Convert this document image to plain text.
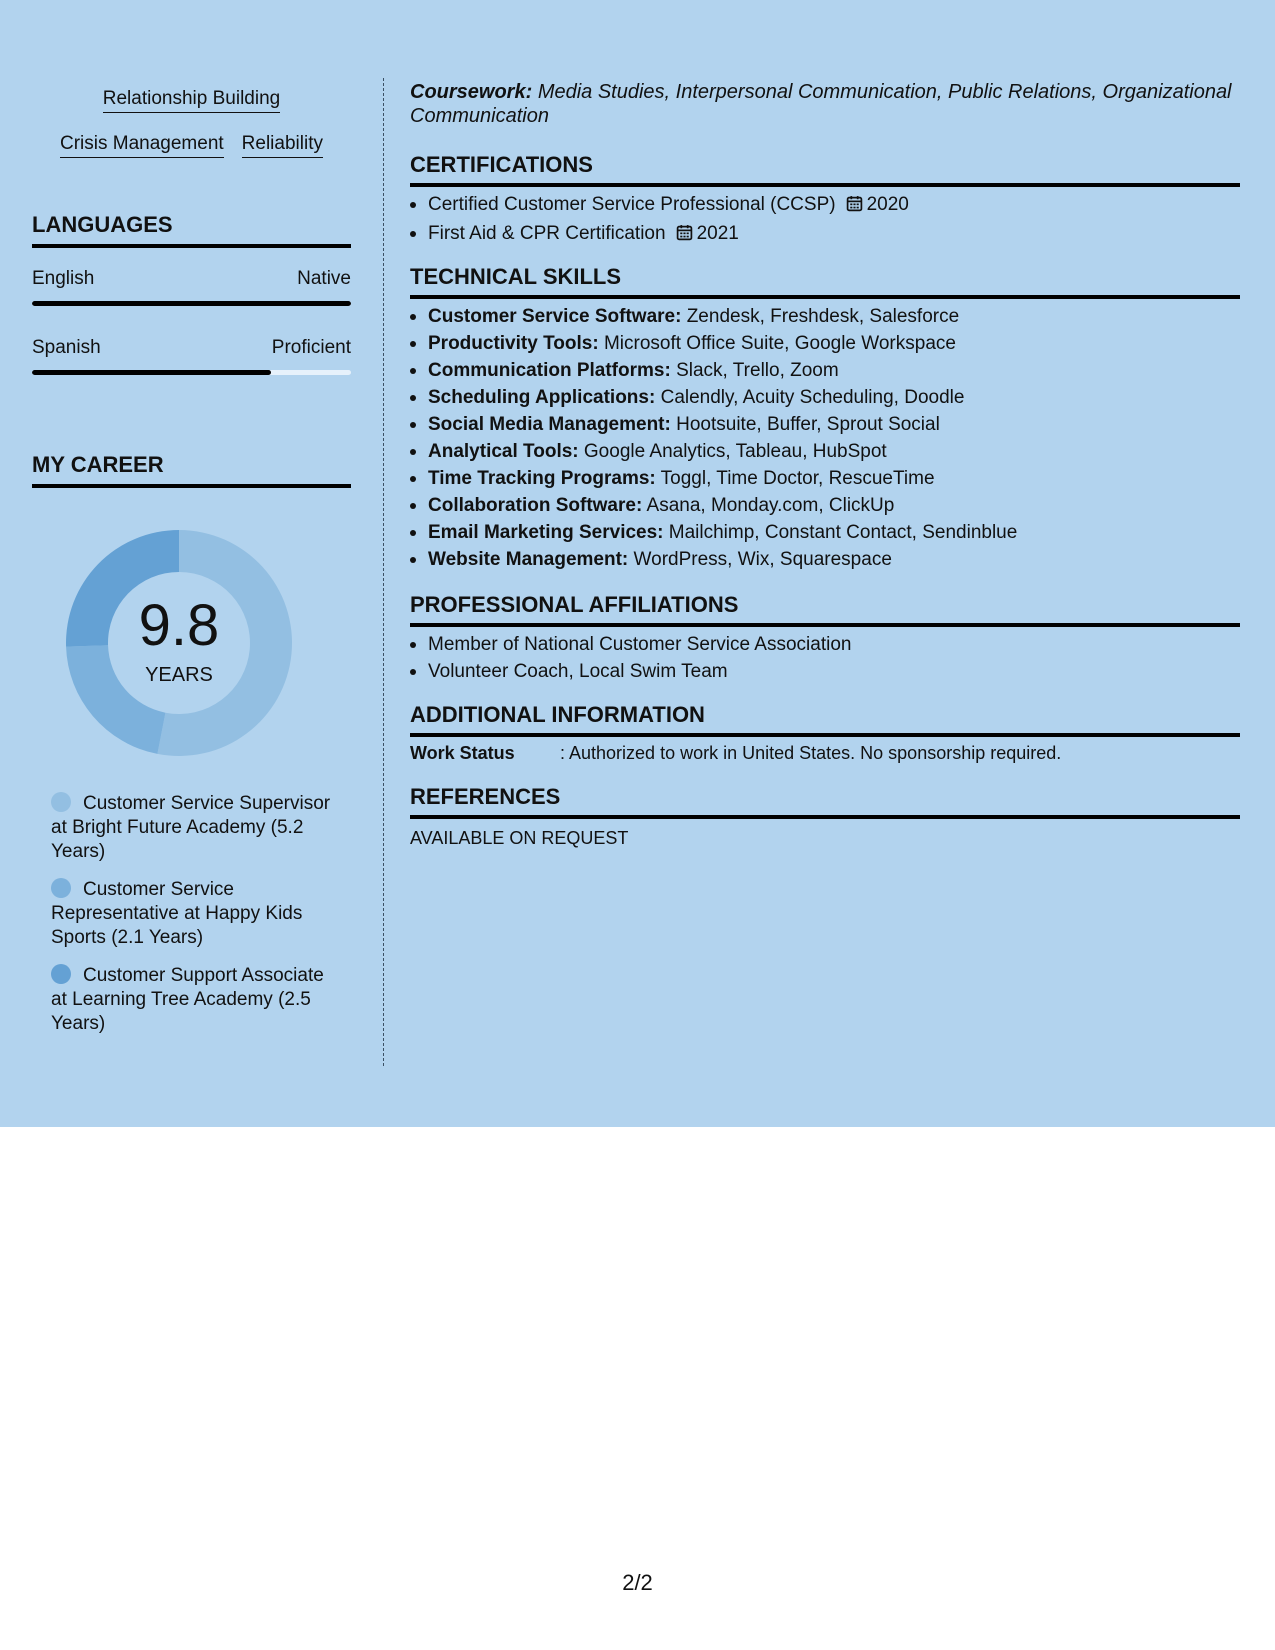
Relationship Building
Crisis Management Reliability
LANGUAGES
English	Native
Spanish	Proficient
MY CAREER
9.8
YEARS
Customer Service Supervisor at Bright Future Academy (5.2 Years)
Customer Service Representative at Happy Kids Sports (2.1 Years)
Customer Support Associate at Learning Tree Academy (2.5 Years)
Coursework: Media Studies, Interpersonal Communication, Public Relations, Organizational Communication
CERTIFICATIONS
Certified Customer Service Professional (CCSP) 2020
First Aid & CPR Certification 2021
TECHNICAL SKILLS
Customer Service Software: Zendesk, Freshdesk, Salesforce
Productivity Tools: Microsoft Office Suite, Google Workspace
Communication Platforms: Slack, Trello, Zoom
Scheduling Applications: Calendly, Acuity Scheduling, Doodle
Social Media Management: Hootsuite, Buffer, Sprout Social
Analytical Tools: Google Analytics, Tableau, HubSpot
Time Tracking Programs: Toggl, Time Doctor, RescueTime
Collaboration Software: Asana, Monday.com, ClickUp
Email Marketing Services: Mailchimp, Constant Contact, Sendinblue
Website Management: WordPress, Wix, Squarespace
PROFESSIONAL AFFILIATIONS
Member of National Customer Service Association
Volunteer Coach, Local Swim Team
ADDITIONAL INFORMATION
Work Status	: Authorized to work in United States. No sponsorship required.
REFERENCES
AVAILABLE ON REQUEST
2/2
